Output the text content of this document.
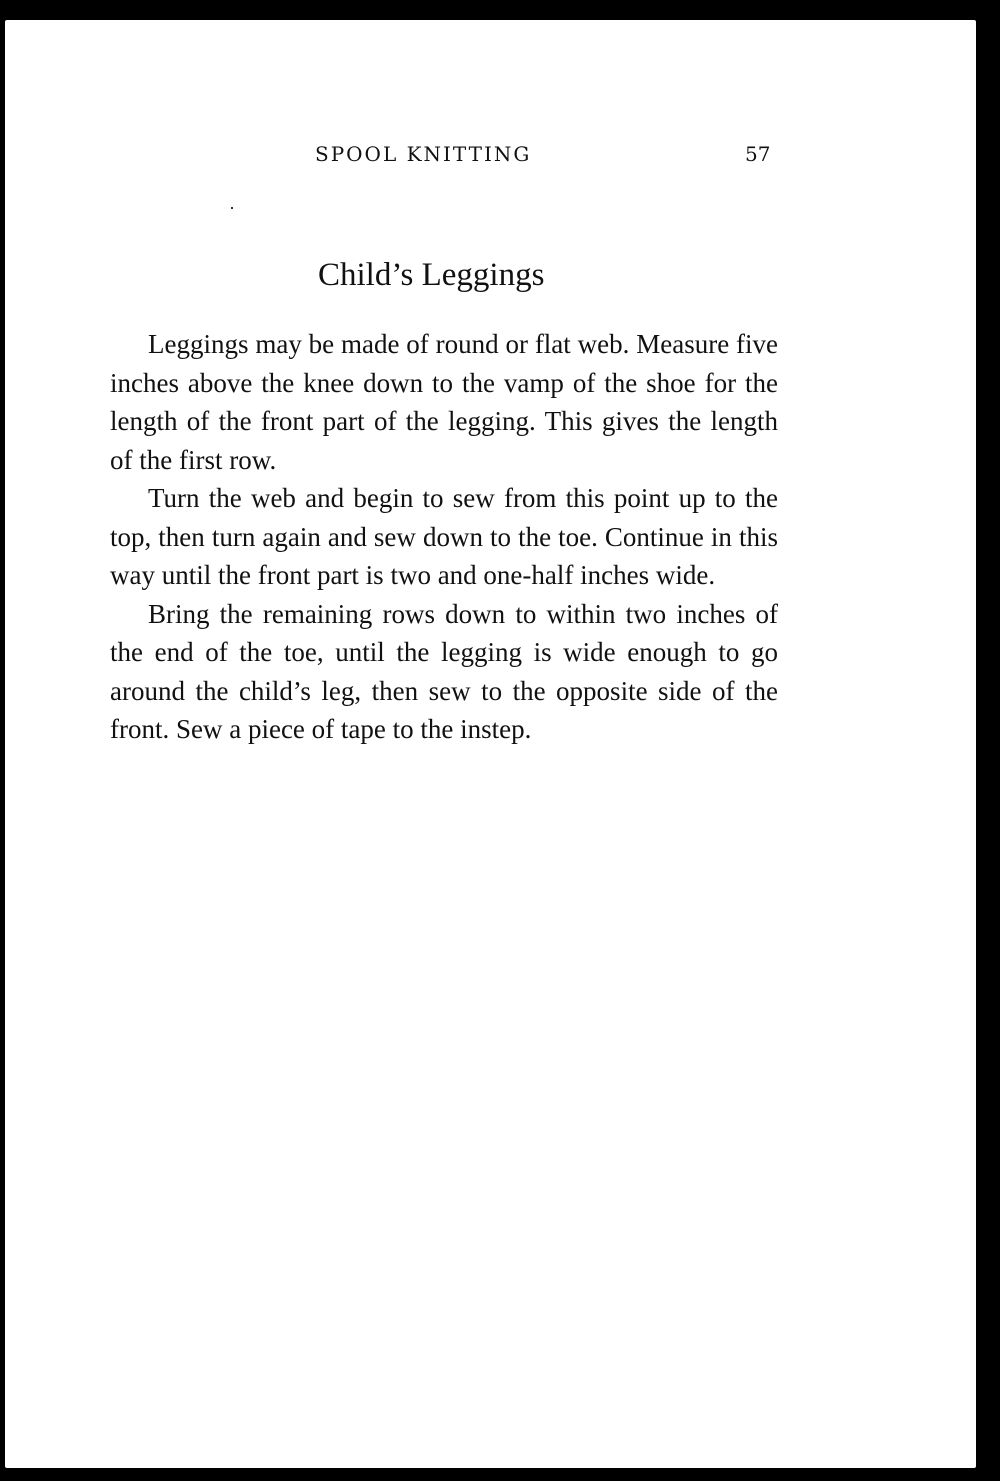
SPOOL KNITTING	57
Child’s Leggings

Leggings may be made of round or flat web. Measure five inches above the knee down to the vamp of the shoe for the length of the front part of the legging. This gives the length of the first row.

Turn the web and begin to sew from this point up to the top, then turn again and sew down to the toe. Continue in this way until the front part is two and one-half inches wide.

Bring the remaining rows down to within two inches of the end of the toe, until the legging is wide enough to go around the child’s leg, then sew to the opposite side of the front. Sew a piece of tape to the instep.
